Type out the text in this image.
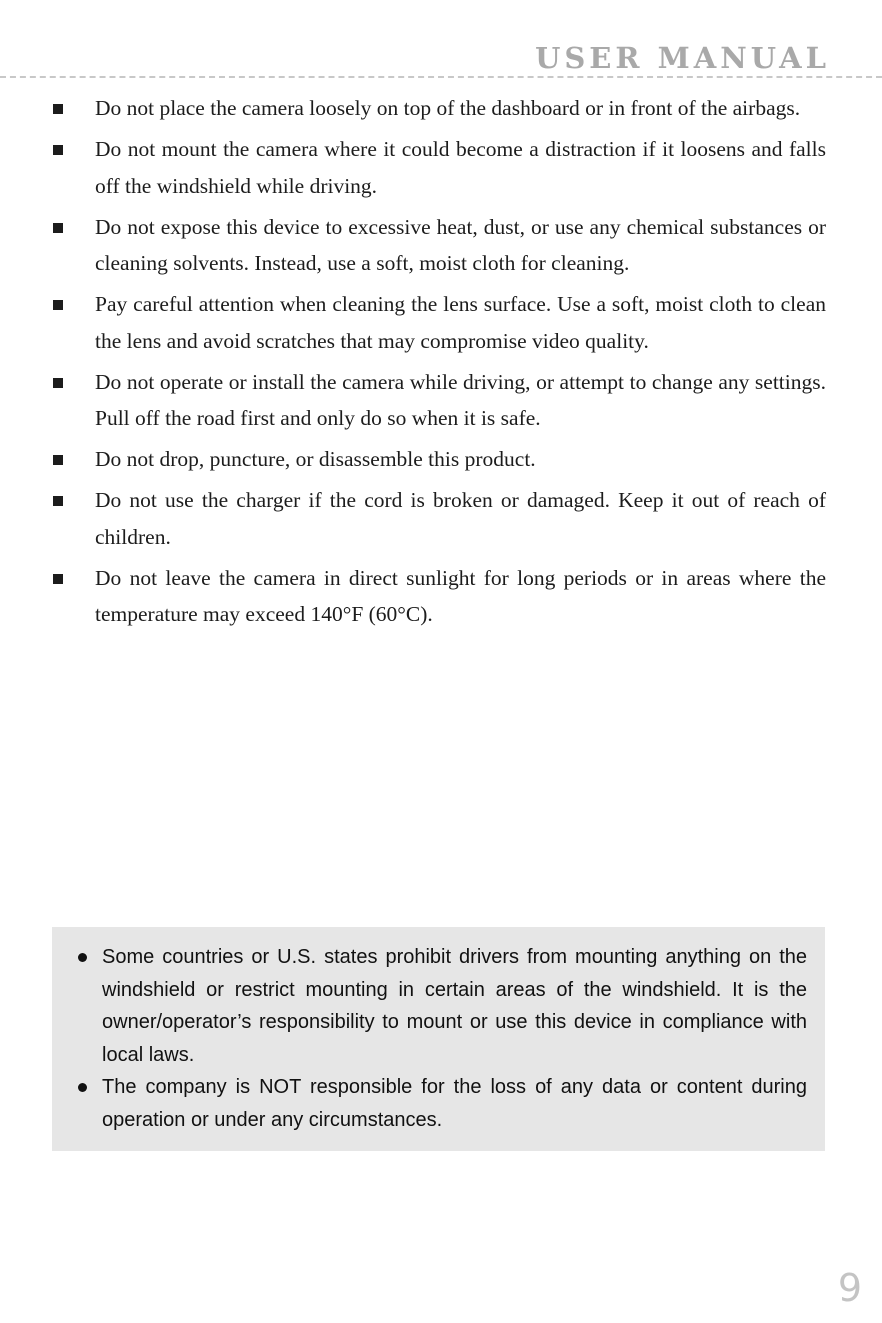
USER MANUAL
Do not place the camera loosely on top of the dashboard or in front of the airbags.
Do not mount the camera where it could become a distraction if it loosens and falls off the windshield while driving.
Do not expose this device to excessive heat, dust, or use any chemical substances or cleaning solvents. Instead, use a soft, moist cloth for cleaning.
Pay careful attention when cleaning the lens surface. Use a soft, moist cloth to clean the lens and avoid scratches that may compromise video quality.
Do not operate or install the camera while driving, or attempt to change any settings. Pull off the road first and only do so when it is safe.
Do not drop, puncture, or disassemble this product.
Do not use the charger if the cord is broken or damaged. Keep it out of reach of children.
Do not leave the camera in direct sunlight for long periods or in areas where the temperature may exceed 140°F (60°C).
Some countries or U.S. states prohibit drivers from mounting anything on the windshield or restrict mounting in certain areas of the windshield. It is the owner/operator’s responsibility to mount or use this device in compliance with local laws.
The company is NOT responsible for the loss of any data or content during operation or under any circumstances.
9
